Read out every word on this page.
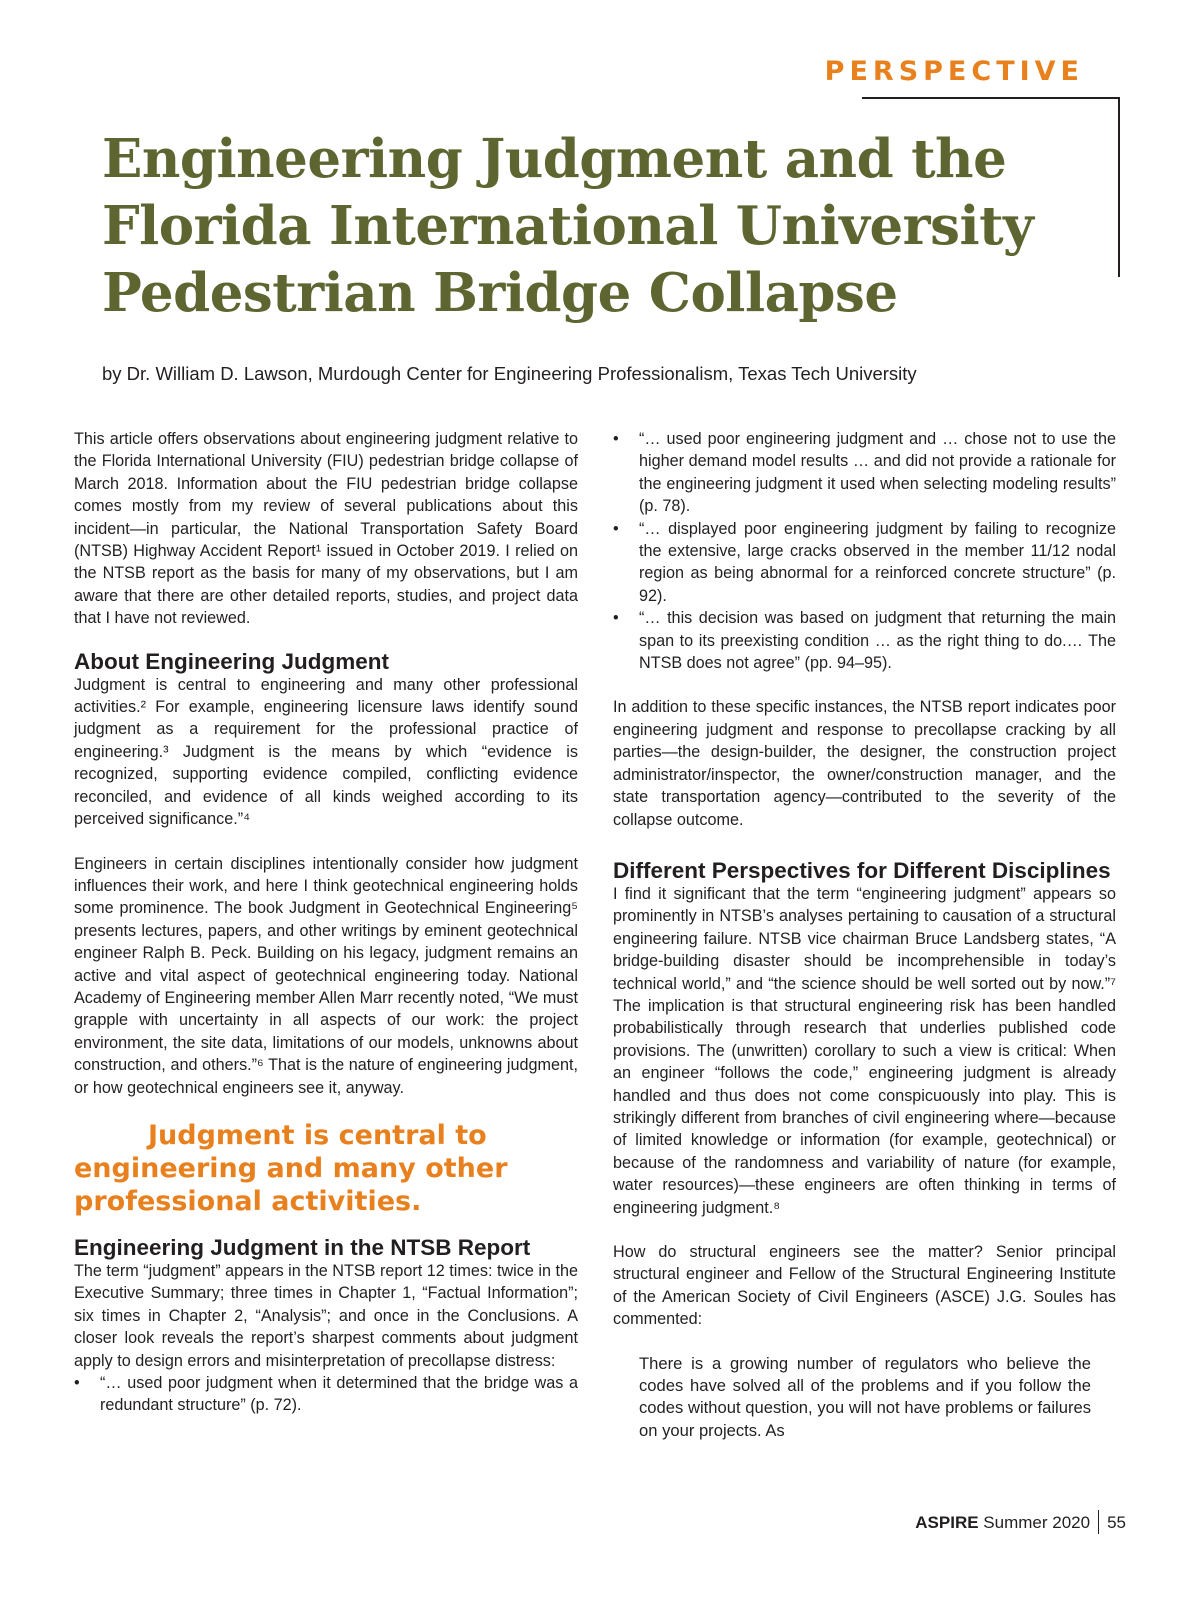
PERSPECTIVE
Engineering Judgment and the Florida International University Pedestrian Bridge Collapse
by Dr. William D. Lawson, Murdough Center for Engineering Professionalism, Texas Tech University

This article offers observations about engineering judgment relative to the Florida International University (FIU) pedestrian bridge collapse of March 2018. Information about the FIU pedestrian bridge collapse comes mostly from my review of several publications about this incident—in particular, the National Transportation Safety Board (NTSB) Highway Accident Report¹ issued in October 2019. I relied on the NTSB report as the basis for many of my observations, but I am aware that there are other detailed reports, studies, and project data that I have not reviewed.

About Engineering Judgment

Judgment is central to engineering and many other professional activities.² For example, engineering licensure laws identify sound judgment as a requirement for the professional practice of engineering.³ Judgment is the means by which “evidence is recognized, supporting evidence compiled, conflicting evidence reconciled, and evidence of all kinds weighed according to its perceived significance.”⁴

Engineers in certain disciplines intentionally consider how judgment influences their work, and here I think geotechnical engineering holds some prominence. The book Judgment in Geotechnical Engineering⁵ presents lectures, papers, and other writings by eminent geotechnical engineer Ralph B. Peck. Building on his legacy, judgment remains an active and vital aspect of geotechnical engineering today. National Academy of Engineering member Allen Marr recently noted, “We must grapple with uncertainty in all aspects of our work: the project environment, the site data, limitations of our models, unknowns about construction, and others.”⁶ That is the nature of engineering judgment, or how geotechnical engineers see it, anyway.

Judgment is central to engineering and many other professional activities.
Engineering Judgment in the NTSB Report

The term “judgment” appears in the NTSB report 12 times: twice in the Executive Summary; three times in Chapter 1, “Factual Information”; six times in Chapter 2, “Analysis”; and once in the Conclusions. A closer look reveals the report’s sharpest comments about judgment apply to design errors and misinterpretation of precollapse distress:

• “… used poor judgment when it determined that the bridge was a redundant structure” (p. 72).
• “… used poor engineering judgment and … chose not to use the higher demand model results … and did not provide a rationale for the engineering judgment it used when selecting modeling results” (p. 78).
• “… displayed poor engineering judgment by failing to recognize the extensive, large cracks observed in the member 11/12 nodal region as being abnormal for a reinforced concrete structure” (p. 92).
• “… this decision was based on judgment that returning the main span to its preexisting condition … as the right thing to do.… The NTSB does not agree” (pp. 94–95).

In addition to these specific instances, the NTSB report indicates poor engineering judgment and response to precollapse cracking by all parties—the design-builder, the designer, the construction project administrator/inspector, the owner/construction manager, and the state transportation agency—contributed to the severity of the collapse outcome.

Different Perspectives for Different Disciplines

I find it significant that the term “engineering judgment” appears so prominently in NTSB’s analyses pertaining to causation of a structural engineering failure. NTSB vice chairman Bruce Landsberg states, “A bridge-building disaster should be incomprehensible in today’s technical world,” and “the science should be well sorted out by now.”⁷ The implication is that structural engineering risk has been handled probabilistically through research that underlies published code provisions. The (unwritten) corollary to such a view is critical: When an engineer “follows the code,” engineering judgment is already handled and thus does not come conspicuously into play. This is strikingly different from branches of civil engineering where—because of limited knowledge or information (for example, geotechnical) or because of the randomness and variability of nature (for example, water resources)—these engineers are often thinking in terms of engineering judgment.⁸

How do structural engineers see the matter? Senior principal structural engineer and Fellow of the Structural Engineering Institute of the American Society of Civil Engineers (ASCE) J.G. Soules has commented:

There is a growing number of regulators who believe the codes have solved all of the problems and if you follow the codes without question, you will not have problems or failures on your projects. As
ASPIRE Summer 2020 55
